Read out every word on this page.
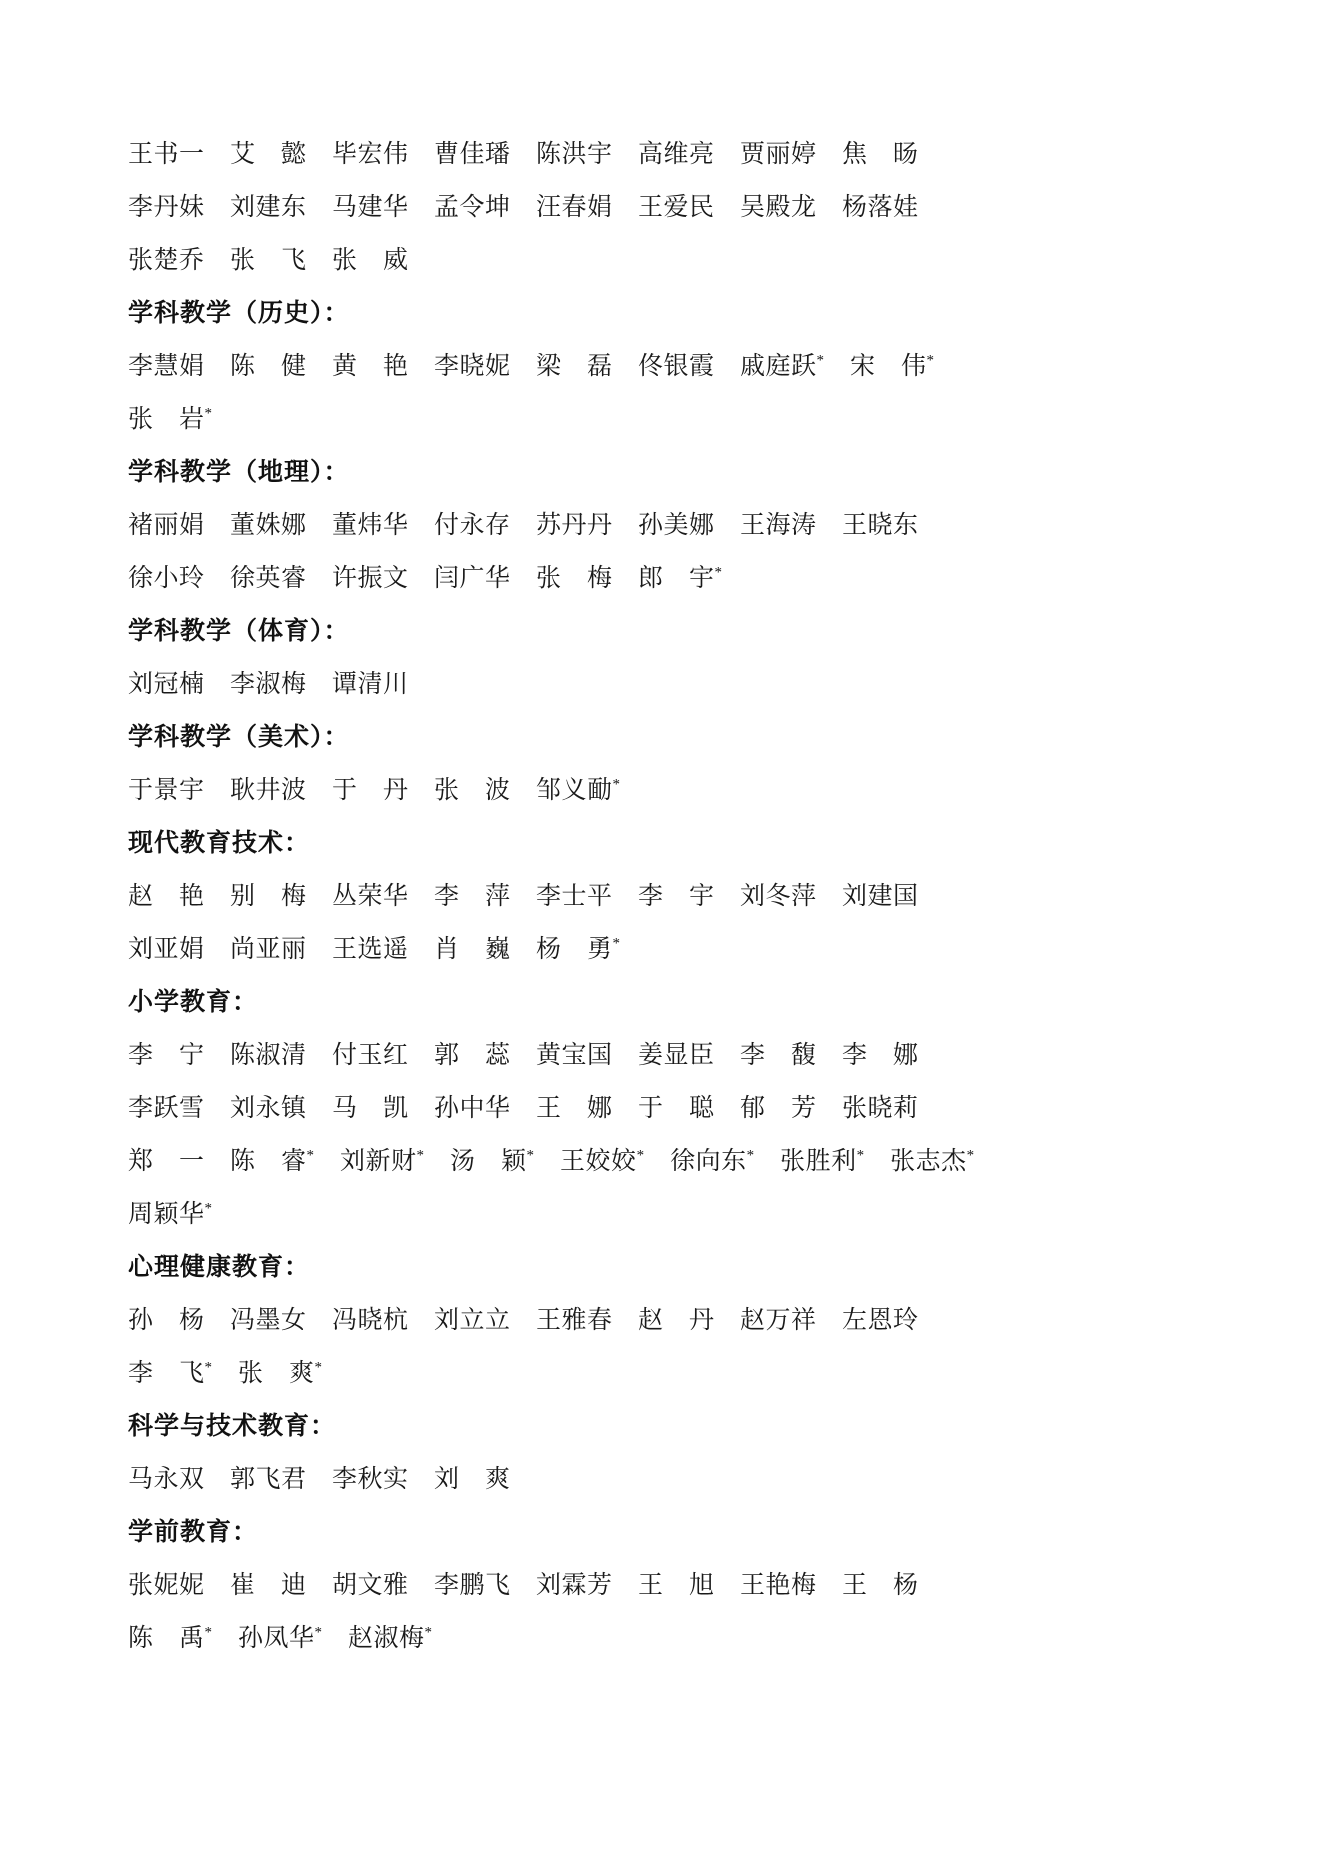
王书一　艾　懿　毕宏伟　曹佳璠　陈洪宇　高维亮　贾丽婷　焦　旸
李丹妹　刘建东　马建华　孟令坤　汪春娟　王爱民　吴殿龙　杨落娃
张楚乔　张　飞　张　威
学科教学（历史）：
李慧娟　陈　健　黄　艳　李晓妮　梁　磊　佟银霞　戚庭跃*　宋　伟*
张　岩*
学科教学（地理）：
褚丽娟　董姝娜　董炜华　付永存　苏丹丹　孙美娜　王海涛　王晓东
徐小玲　徐英睿　许振文　闫广华　张　梅　郎　宇*
学科教学（体育）：
刘冠楠　李淑梅　谭清川
学科教学（美术）：
于景宇　耿井波　于　丹　张　波　邹义勔*
现代教育技术：
赵　艳　别　梅　丛荣华　李　萍　李士平　李　宇　刘冬萍　刘建国
刘亚娟　尚亚丽　王选遥　肖　巍　杨　勇*
小学教育：
李　宁　陈淑清　付玉红　郭　蕊　黄宝国　姜显臣　李　馥　李　娜
李跃雪　刘永镇　马　凯　孙中华　王　娜　于　聪　郁　芳　张晓莉
郑　一　陈　睿*　刘新财*　汤　颖*　王姣姣*　徐向东*　张胜利*　张志杰*
周颖华*
心理健康教育：
孙　杨　冯墨女　冯晓杭　刘立立　王雅春　赵　丹　赵万祥　左恩玲
李　飞*　张　爽*
科学与技术教育：
马永双　郭飞君　李秋实　刘　爽
学前教育：
张妮妮　崔　迪　胡文雅　李鹏飞　刘霖芳　王　旭　王艳梅　王　杨
陈　禹*　孙凤华*　赵淑梅*
